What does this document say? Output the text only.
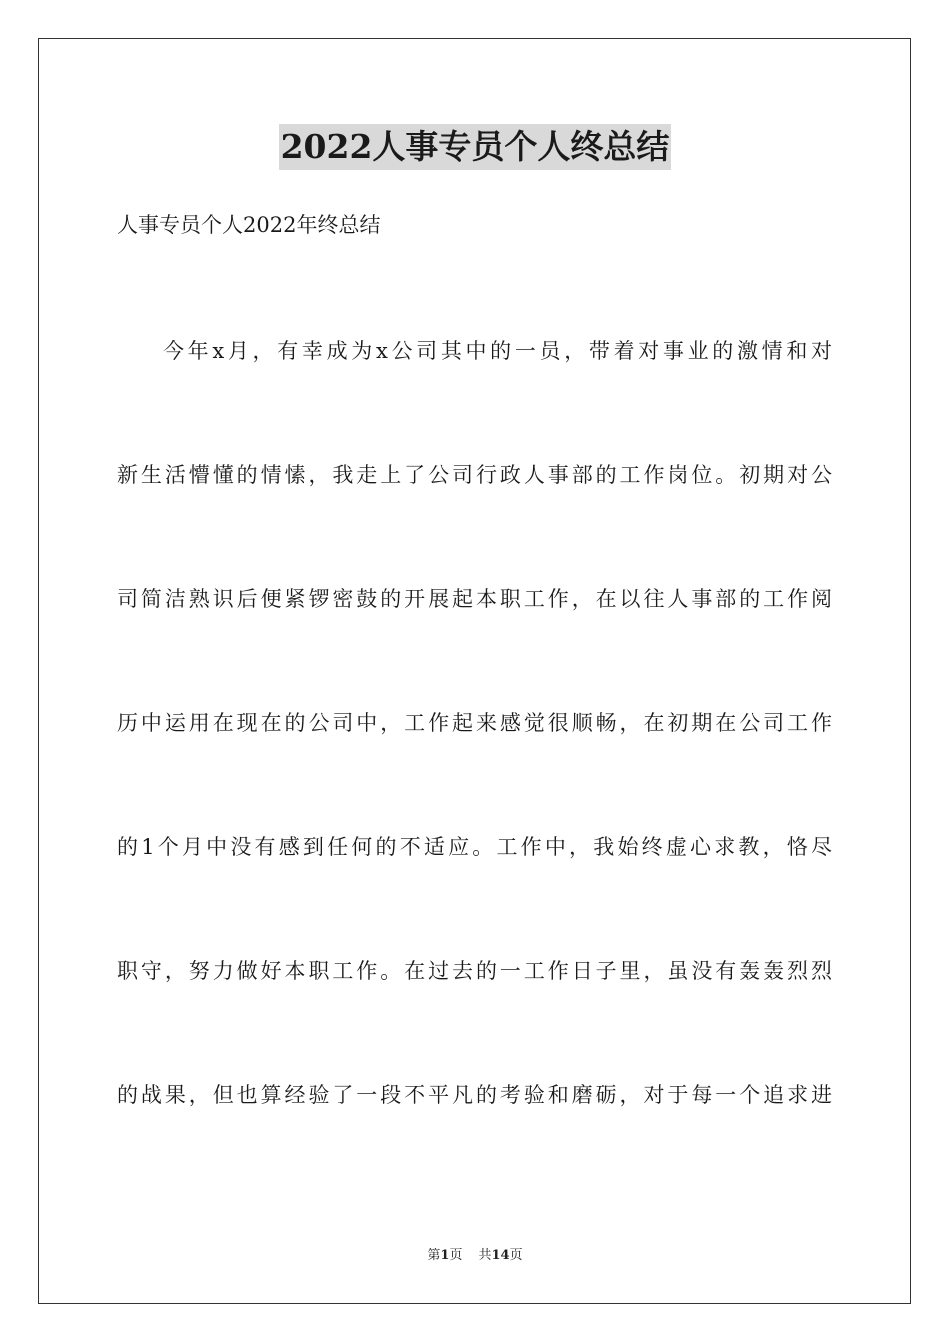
2022人事专员个人终总结
人事专员个人2022年终总结
今年x月，有幸成为x公司其中的一员，带着对事业的激情和对
新生活懵懂的情愫，我走上了公司行政人事部的工作岗位。初期对公
司简洁熟识后便紧锣密鼓的开展起本职工作，在以往人事部的工作阅
历中运用在现在的公司中，工作起来感觉很顺畅，在初期在公司工作
的1个月中没有感到任何的不适应。工作中，我始终虚心求教，恪尽
职守，努力做好本职工作。在过去的一工作日子里，虽没有轰轰烈烈
的战果，但也算经验了一段不平凡的考验和磨砺，对于每一个追求进
第1页 共14页
